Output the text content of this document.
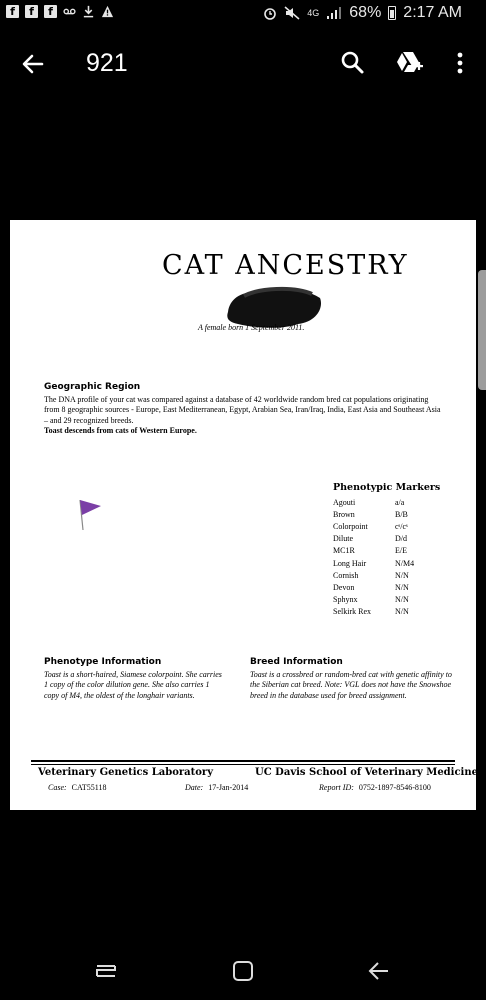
f	f	f	4G 68% 2:17 AM
921
CAT ANCESTRY
A female born 1 September 2011.
Geographic Region
The DNA profile of your cat was compared against a database of 42 worldwide random bred cat populations originating from 8 geographic sources - Europe, East Mediterranean, Egypt, Arabian Sea, Iran/Iraq, India, East Asia and Southeast Asia – and 29 recognized breeds.
Toast descends from cats of Western Europe.
Phenotypic Markers
Agouti	a/a
Brown	B/B
Colorpoint	cˢ/cˢ
Dilute	D/d
MC1R	E/E
Long Hair	N/M4
Cornish	N/N
Devon	N/N
Sphynx	N/N
Selkirk Rex	N/N
Phenotype Information
Toast is a short-haired, Siamese colorpoint. She carries 1 copy of the color dilution gene. She also carries 1 copy of M4, the oldest of the longhair variants.
Breed Information
Toast is a crossbred or random-bred cat with genetic affinity to the Siberian cat breed. Note: VGL does not have the Snowshoe breed in the database used for breed assignment.
Veterinary Genetics Laboratory	UC Davis School of Veterinary Medicine
Case: CAT55118	Date: 17-Jan-2014	Report ID: 0752-1897-8546-8100
